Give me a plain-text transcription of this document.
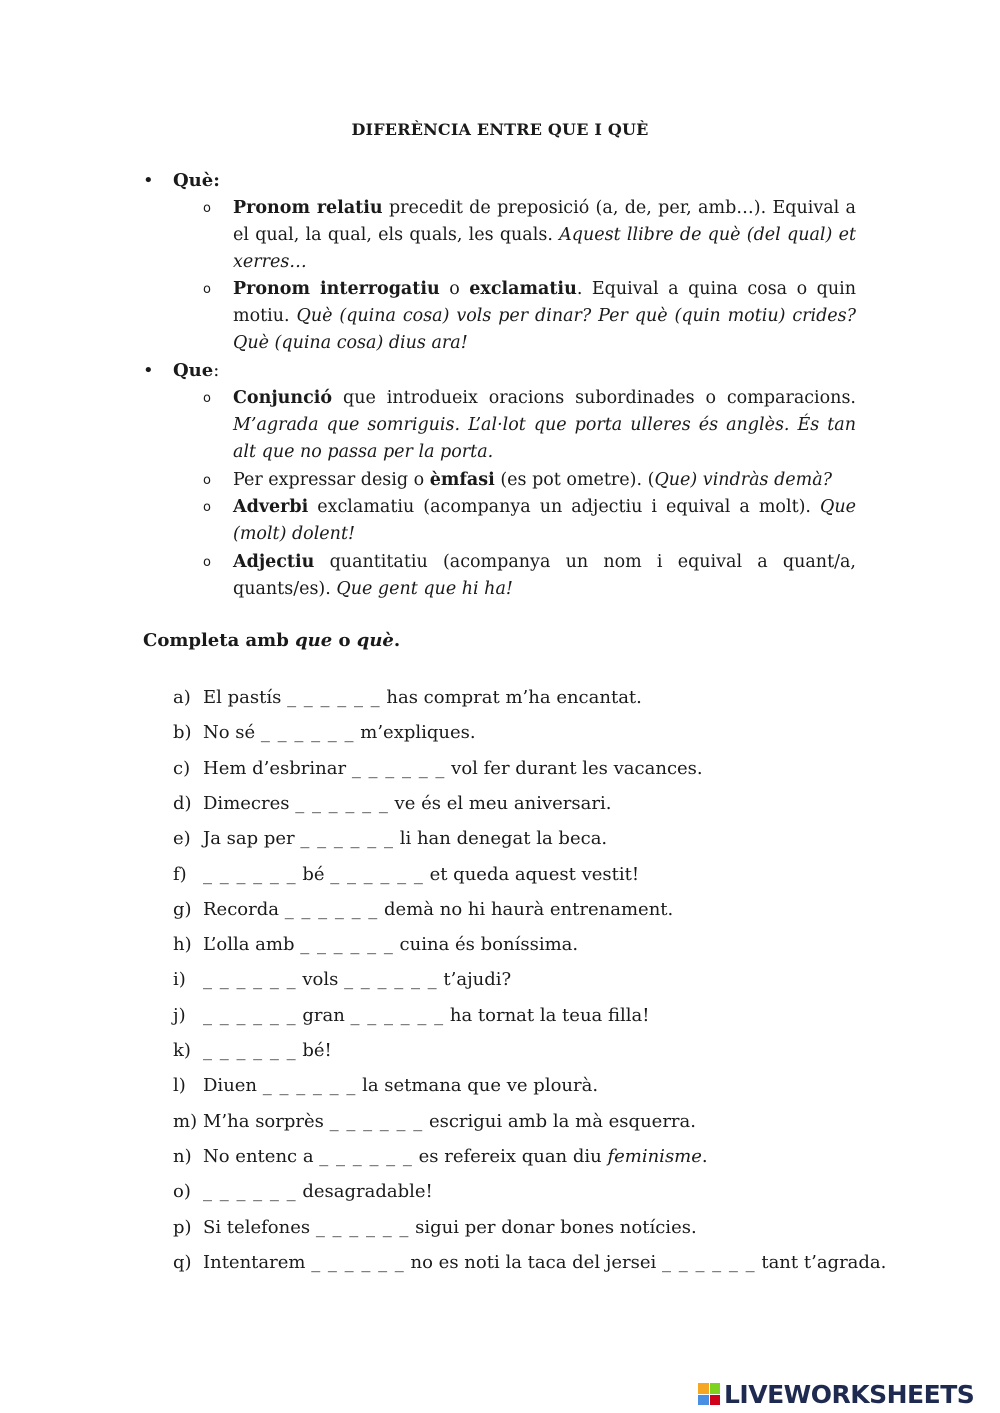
DIFERÈNCIA ENTRE QUE I QUÈ
• Què:
o Pronom relatiu precedit de preposició (a, de, per, amb…). Equival a el qual, la qual, els quals, les quals. Aquest llibre de què (del qual) et xerres…
o Pronom interrogatiu o exclamatiu. Equival a quina cosa o quin motiu. Què (quina cosa) vols per dinar? Per què (quin motiu) crides? Què (quina cosa) dius ara!
• Que:
o Conjunció que introdueix oracions subordinades o comparacions. M’agrada que somriguis. L’al·lot que porta ulleres és anglès. És tan alt que no passa per la porta.
o Per expressar desig o èmfasi (es pot ometre). (Que) vindràs demà?
o Adverbi exclamatiu (acompanya un adjectiu i equival a molt). Que (molt) dolent!
o Adjectiu quantitatiu (acompanya un nom i equival a quant/a, quants/es). Que gent que hi ha!
Completa amb que o què.
a) El pastís _ _ _ _ _ _ has comprat m’ha encantat.
b) No sé _ _ _ _ _ _ m’expliques.
c) Hem d’esbrinar _ _ _ _ _ _ vol fer durant les vacances.
d) Dimecres _ _ _ _ _ _ ve és el meu aniversari.
e) Ja sap per _ _ _ _ _ _ li han denegat la beca.
f) _ _ _ _ _ _ bé _ _ _ _ _ _ et queda aquest vestit!
g) Recorda _ _ _ _ _ _ demà no hi haurà entrenament.
h) L’olla amb _ _ _ _ _ _ cuina és boníssima.
i) _ _ _ _ _ _ vols _ _ _ _ _ _ t’ajudi?
j) _ _ _ _ _ _ gran _ _ _ _ _ _ ha tornat la teua filla!
k) _ _ _ _ _ _ bé!
l) Diuen _ _ _ _ _ _ la setmana que ve plourà.
m) M’ha sorprès _ _ _ _ _ _ escrigui amb la mà esquerra.
n) No entenc a _ _ _ _ _ _ es refereix quan diu feminisme.
o) _ _ _ _ _ _ desagradable!
p) Si telefones _ _ _ _ _ _ sigui per donar bones notícies.
q) Intentarem _ _ _ _ _ _ no es noti la taca del jersei _ _ _ _ _ _ tant t’agrada.
LIVEWORKSHEETS
